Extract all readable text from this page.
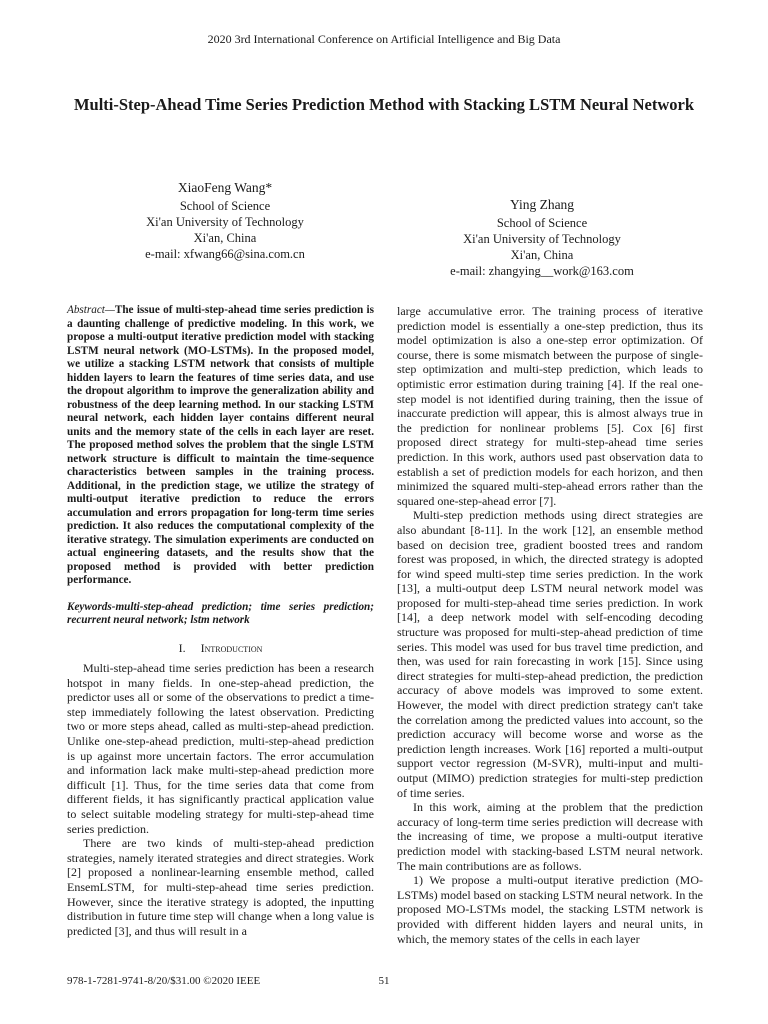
2020 3rd International Conference on Artificial Intelligence and Big Data
Multi-Step-Ahead Time Series Prediction Method with Stacking LSTM Neural Network
XiaoFeng Wang*
School of Science
Xi'an University of Technology
Xi'an, China
e-mail: xfwang66@sina.com.cn
Ying Zhang
School of Science
Xi'an University of Technology
Xi'an, China
e-mail: zhangying__work@163.com

Abstract—The issue of multi-step-ahead time series prediction is a daunting challenge of predictive modeling. In this work, we propose a multi-output iterative prediction model with stacking LSTM neural network (MO-LSTMs). In the proposed model, we utilize a stacking LSTM network that consists of multiple hidden layers to learn the features of time series data, and use the dropout algorithm to improve the generalization ability and robustness of the deep learning method. In our stacking LSTM neural network, each hidden layer contains different neural units and the memory state of the cells in each layer are reset. The proposed method solves the problem that the single LSTM network structure is difficult to maintain the time-sequence characteristics between samples in the training process. Additional, in the prediction stage, we utilize the strategy of multi-output iterative prediction to reduce the errors accumulation and errors propagation for long-term time series prediction. It also reduces the computational complexity of the iterative strategy. The simulation experiments are conducted on actual engineering datasets, and the results show that the proposed method is provided with better prediction performance.

Keywords-multi-step-ahead prediction; time series prediction; recurrent neural network; lstm network

I. Introduction

Multi-step-ahead time series prediction has been a research hotspot in many fields. In one-step-ahead prediction, the predictor uses all or some of the observations to predict a time-step immediately following the latest observation. Predicting two or more steps ahead, called as multi-step-ahead prediction. Unlike one-step-ahead prediction, multi-step-ahead prediction is up against more uncertain factors. The error accumulation and information lack make multi-step-ahead prediction more difficult [1]. Thus, for the time series data that come from different fields, it has significantly practical application value to select suitable modeling strategy for multi-step-ahead time series prediction.

There are two kinds of multi-step-ahead prediction strategies, namely iterated strategies and direct strategies. Work [2] proposed a nonlinear-learning ensemble method, called EnsemLSTM, for multi-step-ahead time series prediction. However, since the iterative strategy is adopted, the inputting distribution in future time step will change when a long value is predicted [3], and thus will result in a

large accumulative error. The training process of iterative prediction model is essentially a one-step prediction, thus its model optimization is also a one-step error optimization. Of course, there is some mismatch between the purpose of single-step optimization and multi-step prediction, which leads to optimistic error estimation during training [4]. If the real one-step model is not identified during training, then the issue of inaccurate prediction will appear, this is almost always true in the prediction for nonlinear problems [5]. Cox [6] first proposed direct strategy for multi-step-ahead time series prediction. In this work, authors used past observation data to establish a set of prediction models for each horizon, and then minimized the squared multi-step-ahead errors rather than the squared one-step-ahead error [7].

Multi-step prediction methods using direct strategies are also abundant [8-11]. In the work [12], an ensemble method based on decision tree, gradient boosted trees and random forest was proposed, in which, the directed strategy is adopted for wind speed multi-step time series prediction. In the work [13], a multi-output deep LSTM neural network model was proposed for multi-step-ahead time series prediction. In work [14], a deep network model with self-encoding decoding structure was proposed for multi-step-ahead prediction of time series. This model was used for bus travel time prediction, and then, was used for rain forecasting in work [15]. Since using direct strategies for multi-step-ahead prediction, the prediction accuracy of above models was improved to some extent. However, the model with direct prediction strategy can't take the correlation among the predicted values into account, so the prediction accuracy will become worse and worse as the prediction length increases. Work [16] reported a multi-output support vector regression (M-SVR), multi-input and multi-output (MIMO) prediction strategies for multi-step prediction of time series.

In this work, aiming at the problem that the prediction accuracy of long-term time series prediction will decrease with the increasing of time, we propose a multi-output iterative prediction model with stacking-based LSTM neural network. The main contributions are as follows.

1) We propose a multi-output iterative prediction (MO-LSTMs) model based on stacking LSTM neural network. In the proposed MO-LSTMs model, the stacking LSTM network is provided with different hidden layers and neural units, in which, the memory states of the cells in each layer

978-1-7281-9741-8/20/$31.00 ©2020 IEEE	51
